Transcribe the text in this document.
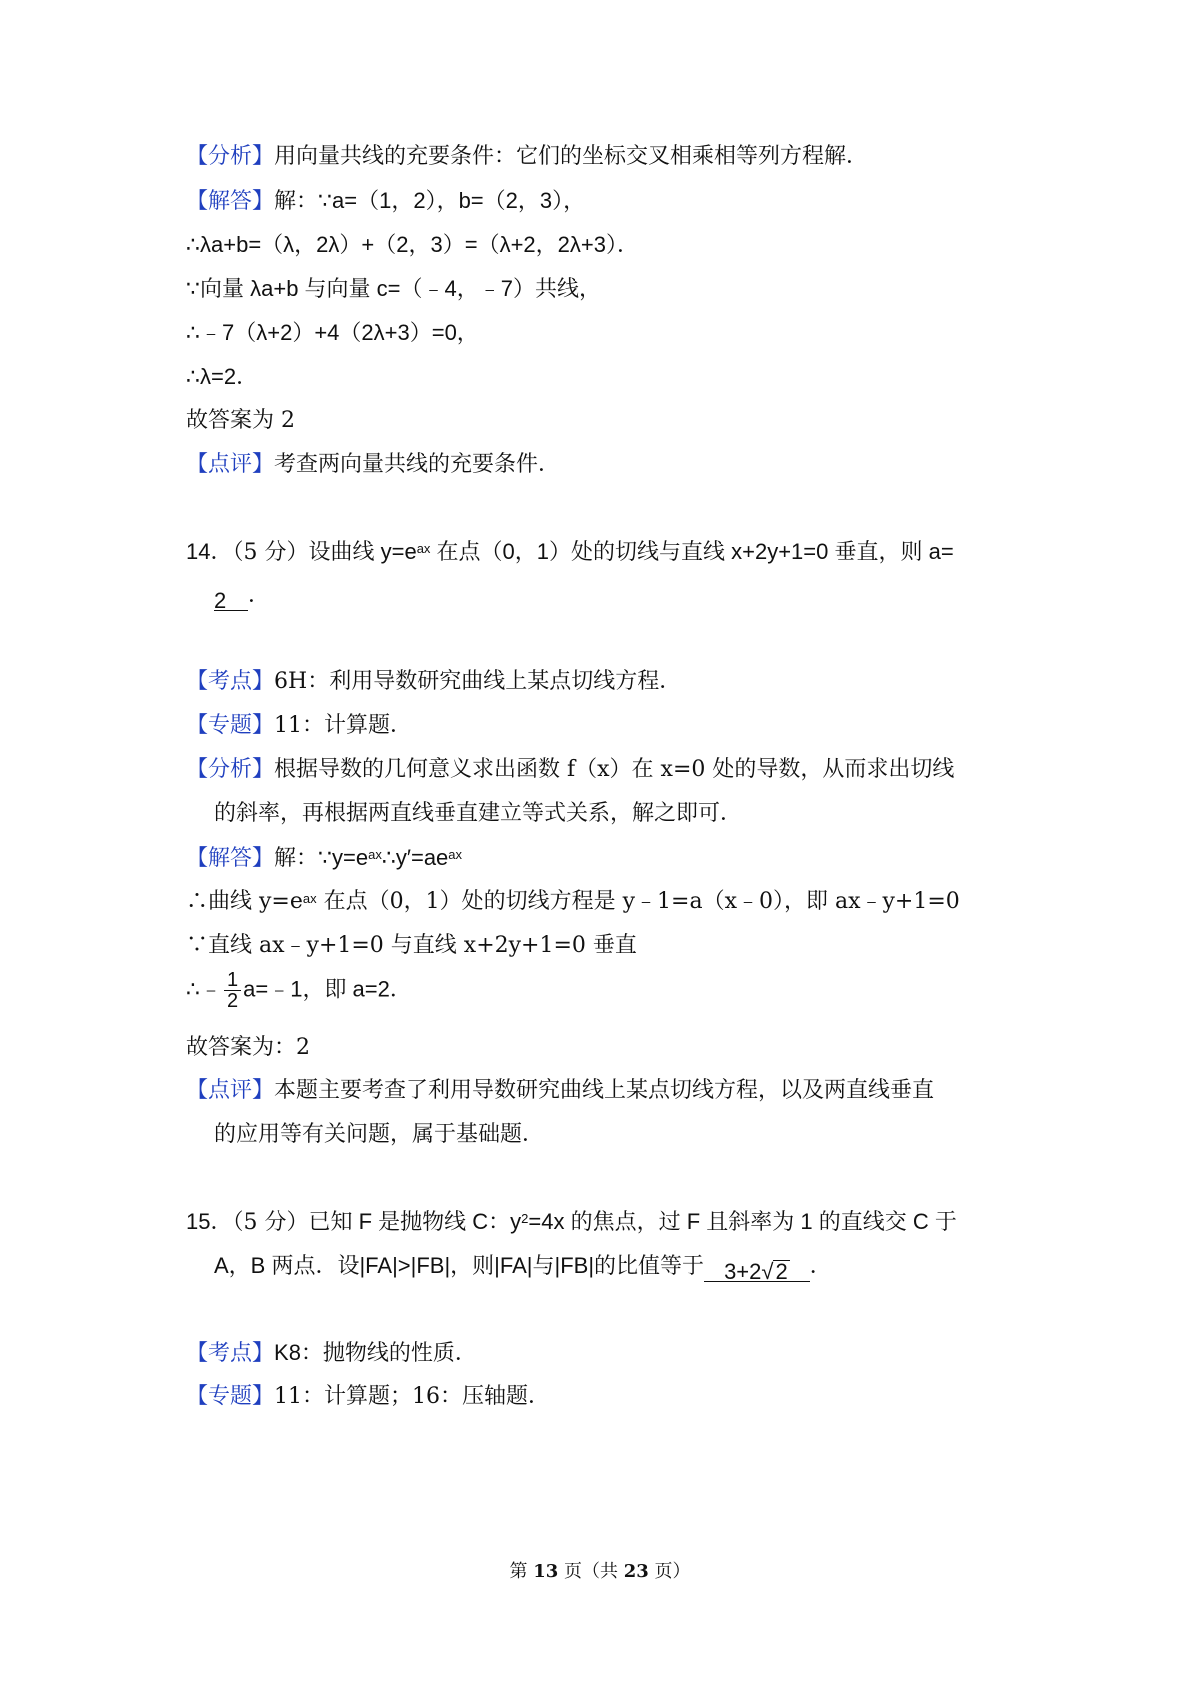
【分析】用向量共线的充要条件：它们的坐标交叉相乘相等列方程解．
【解答】解：∵a=（1，2），b=（2，3），
∴λa+b=（λ，2λ）+（2，3）=（λ+2，2λ+3）．
∵向量 λa+b 与向量 c=（﹣4，﹣7）共线，
∴﹣7（λ+2）+4（2λ+3）=0，
∴λ=2．
故答案为 2
【点评】考查两向量共线的充要条件．
14．（5 分）设曲线 $y=e^{ax}$ 在点（0，1）处的切线与直线 x+2y+1=0 垂直，则 a=
2 ．
【考点】6H：利用导数研究曲线上某点切线方程．
【专题】11：计算题．
【分析】根据导数的几何意义求出函数 f（x）在 x=0 处的导数，从而求出切线
的斜率，再根据两直线垂直建立等式关系，解之即可．
【解答】解：$\because y=e^{ax}\therefore y'=ae^{ax}$
∴曲线 $y=e^{ax}$ 在点（0，1）处的切线方程是 y﹣1=a（x﹣0），即 ax﹣y+1=0
∵直线 ax﹣y+1=0 与直线 x+2y+1=0 垂直
∴﹣ $\frac{1}{2}$ a=﹣1，即 a=2．
故答案为：2
【点评】本题主要考查了利用导数研究曲线上某点切线方程，以及两直线垂直
的应用等有关问题，属于基础题．
15．（5 分）已知 F 是抛物线 C：$y^2=4x$ 的焦点，过 F 且斜率为 1 的直线交 C 于
A，B 两点．设|FA|>|FB|，则|FA|与|FB|的比值等于 3+2√2 ．
【考点】K8：抛物线的性质．
【专题】11：计算题；16：压轴题．
第 13 页（共 23 页）
